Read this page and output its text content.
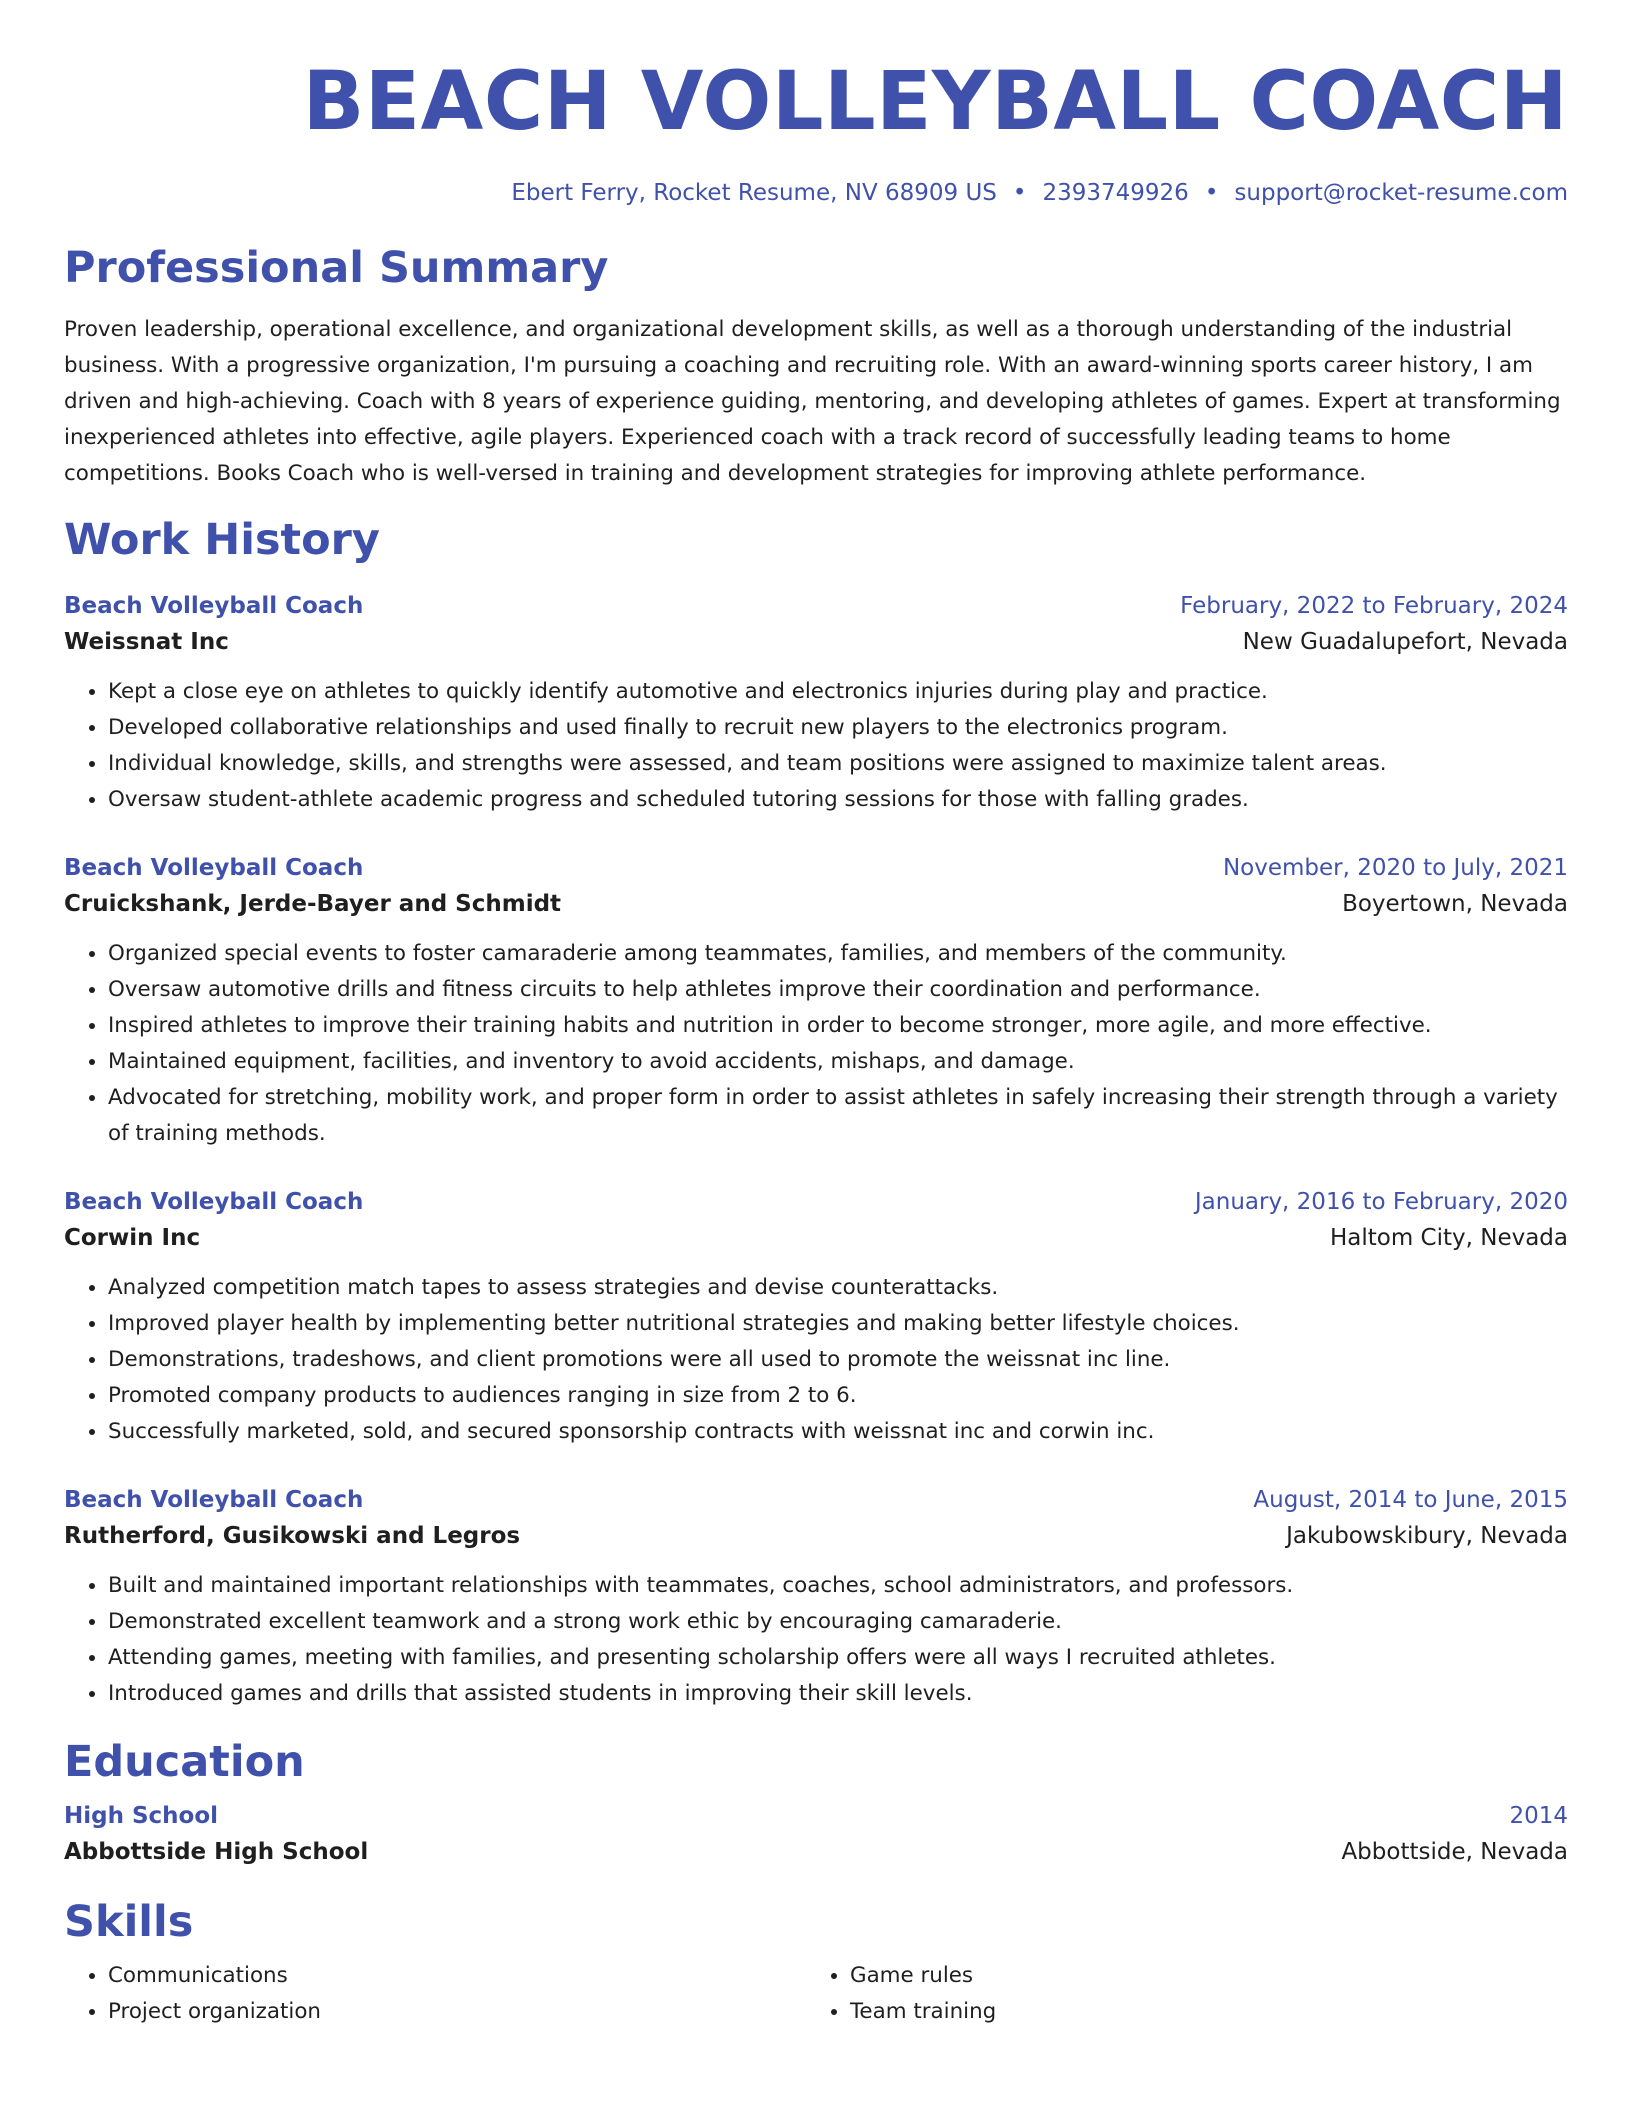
BEACH VOLLEYBALL COACH
Ebert Ferry, Rocket Resume, NV 68909 US • 2393749926 • support@rocket-resume.com
Professional Summary
Proven leadership, operational excellence, and organizational development skills, as well as a thorough understanding of the industrial business. With a progressive organization, I'm pursuing a coaching and recruiting role. With an award-winning sports career history, I am driven and high-achieving. Coach with 8 years of experience guiding, mentoring, and developing athletes of games. Expert at transforming inexperienced athletes into effective, agile players. Experienced coach with a track record of successfully leading teams to home competitions. Books Coach who is well-versed in training and development strategies for improving athlete performance.
Work History
Beach Volleyball Coach	February, 2022 to February, 2024
Weissnat Inc	New Guadalupefort, Nevada
• Kept a close eye on athletes to quickly identify automotive and electronics injuries during play and practice.
• Developed collaborative relationships and used finally to recruit new players to the electronics program.
• Individual knowledge, skills, and strengths were assessed, and team positions were assigned to maximize talent areas.
• Oversaw student-athlete academic progress and scheduled tutoring sessions for those with falling grades.
Beach Volleyball Coach	November, 2020 to July, 2021
Cruickshank, Jerde-Bayer and Schmidt	Boyertown, Nevada
• Organized special events to foster camaraderie among teammates, families, and members of the community.
• Oversaw automotive drills and fitness circuits to help athletes improve their coordination and performance.
• Inspired athletes to improve their training habits and nutrition in order to become stronger, more agile, and more effective.
• Maintained equipment, facilities, and inventory to avoid accidents, mishaps, and damage.
• Advocated for stretching, mobility work, and proper form in order to assist athletes in safely increasing their strength through a variety of training methods.
Beach Volleyball Coach	January, 2016 to February, 2020
Corwin Inc	Haltom City, Nevada
• Analyzed competition match tapes to assess strategies and devise counterattacks.
• Improved player health by implementing better nutritional strategies and making better lifestyle choices.
• Demonstrations, tradeshows, and client promotions were all used to promote the weissnat inc line.
• Promoted company products to audiences ranging in size from 2 to 6.
• Successfully marketed, sold, and secured sponsorship contracts with weissnat inc and corwin inc.
Beach Volleyball Coach	August, 2014 to June, 2015
Rutherford, Gusikowski and Legros	Jakubowskibury, Nevada
• Built and maintained important relationships with teammates, coaches, school administrators, and professors.
• Demonstrated excellent teamwork and a strong work ethic by encouraging camaraderie.
• Attending games, meeting with families, and presenting scholarship offers were all ways I recruited athletes.
• Introduced games and drills that assisted students in improving their skill levels.
Education
High School	2014
Abbottside High School	Abbottside, Nevada
Skills
• Communications
• Project organization
• Game rules
• Team training
